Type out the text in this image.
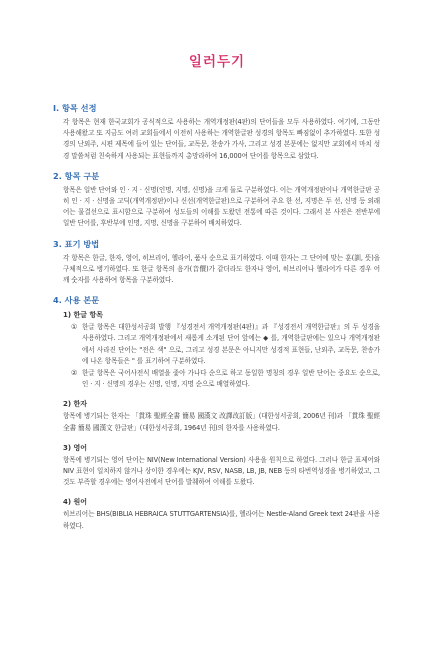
일러두기
I. 항목 선정

각 항목은 현재 한국교회가 공식적으로 사용하는 개역개정판(4판)의 단어들을 모두 사용하였다. 여기에, 그동안 사용해왔고 또 지금도 여러 교회들에서 이전히 사용하는 개역한글판 성경의 항목도 빠짐없이 추가하였다. 또한 성경의 난외주, 시편 제목에 들어 있는 단어들, 교독문, 찬송가 가사, 그리고 성경 본문에는 없지만 교회에서 마치 성경 말씀처럼 친숙하게 사용되는 표현들까지 총망라하여 16,000여 단어를 항목으로 삼았다.

2. 항목 구분

항목은 일반 단어와 인 · 지 · 신명(인명, 지명, 신명)을 크게 둘로 구분하였다. 이는 개역개정판이나 개역한글판 공히 인 · 지 · 신명을 고딕(개역개정판)이나 신선(개역한글판)으로 구분하여 주요 한 선, 지명은 두 선, 신명 등 외래어는 물결선으로 표시함으로 구분하여 성도들의 이해를 도왔던 전통에 따른 것이다. 그래서 본 사전은 전반부에 일반 단어를, 후반부에 인명, 지명, 신명을 구분하여 배치하였다.

3. 표기 방법

각 항목은 한글, 한자, 영어, 히브리어, 헬라어, 품사 순으로 표기하였다. 이때 한자는 그 단어에 맞는 훈(訓, 뜻)을 구체적으로 병기하였다. 또 한글 항목의 음가(音價)가 같더라도 한자나 영어, 히브리어나 헬라어가 다른 경우 어깨 숫자를 사용하여 항목을 구분하였다.

4. 사용 본문
1) 한글 항목
① 한글 항목은 대한성서공회 발행 『성경전서 개역개정판(4판)』과 『성경전서 개역한글판』의 두 성경을 사용하였다. 그리고 개역개정판에서 새롭게 소개된 단어 앞에는 ◆ 를, 개역한글판에는 있으나 개역개정판에서 사라진 단어는 "전은 색" 으로, 그리고 성경 본문은 아니지만 성경적 표현들, 난외주, 교독문, 찬송가에 나온 항목들은 " 를 표기하여 구분하였다.
② 한글 항목은 국어사전식 배열을 좇아 가나다 순으로 하고 동일한 명칭의 경우 일반 단어는 중요도 순으로, 인 · 지 · 신명의 경우는 신명, 인명, 지명 순으로 배열하였다.
2) 한자

항목에 병기되는 한자는 「貫珠 聖經全書 簡易 國漢文 改譯改訂版」(대한성서공회, 2006년 刊)과 「貫珠 聖經全書 簡易 國漢文 한글판」(대한성서공회, 1964년 刊)의 한자를 사용하였다.

3) 영어

항목에 병기되는 영어 단어는 NIV(New International Version) 사용을 원칙으로 하였다. 그러나 한글 표제어와 NIV 표현이 일치하지 않거나 상이한 경우에는 KJV, RSV, NASB, LB, JB, NEB 등의 타번역성경을 병기하였고, 그것도 부족할 경우에는 영어사전에서 단어를 발췌하여 이해를 도왔다.

4) 원어

히브리어는 BHS(BIBLIA HEBRAICA STUTTGARTENSIA)를, 헬라어는 Nestle-Aland Greek text 24판을 사용하였다.
